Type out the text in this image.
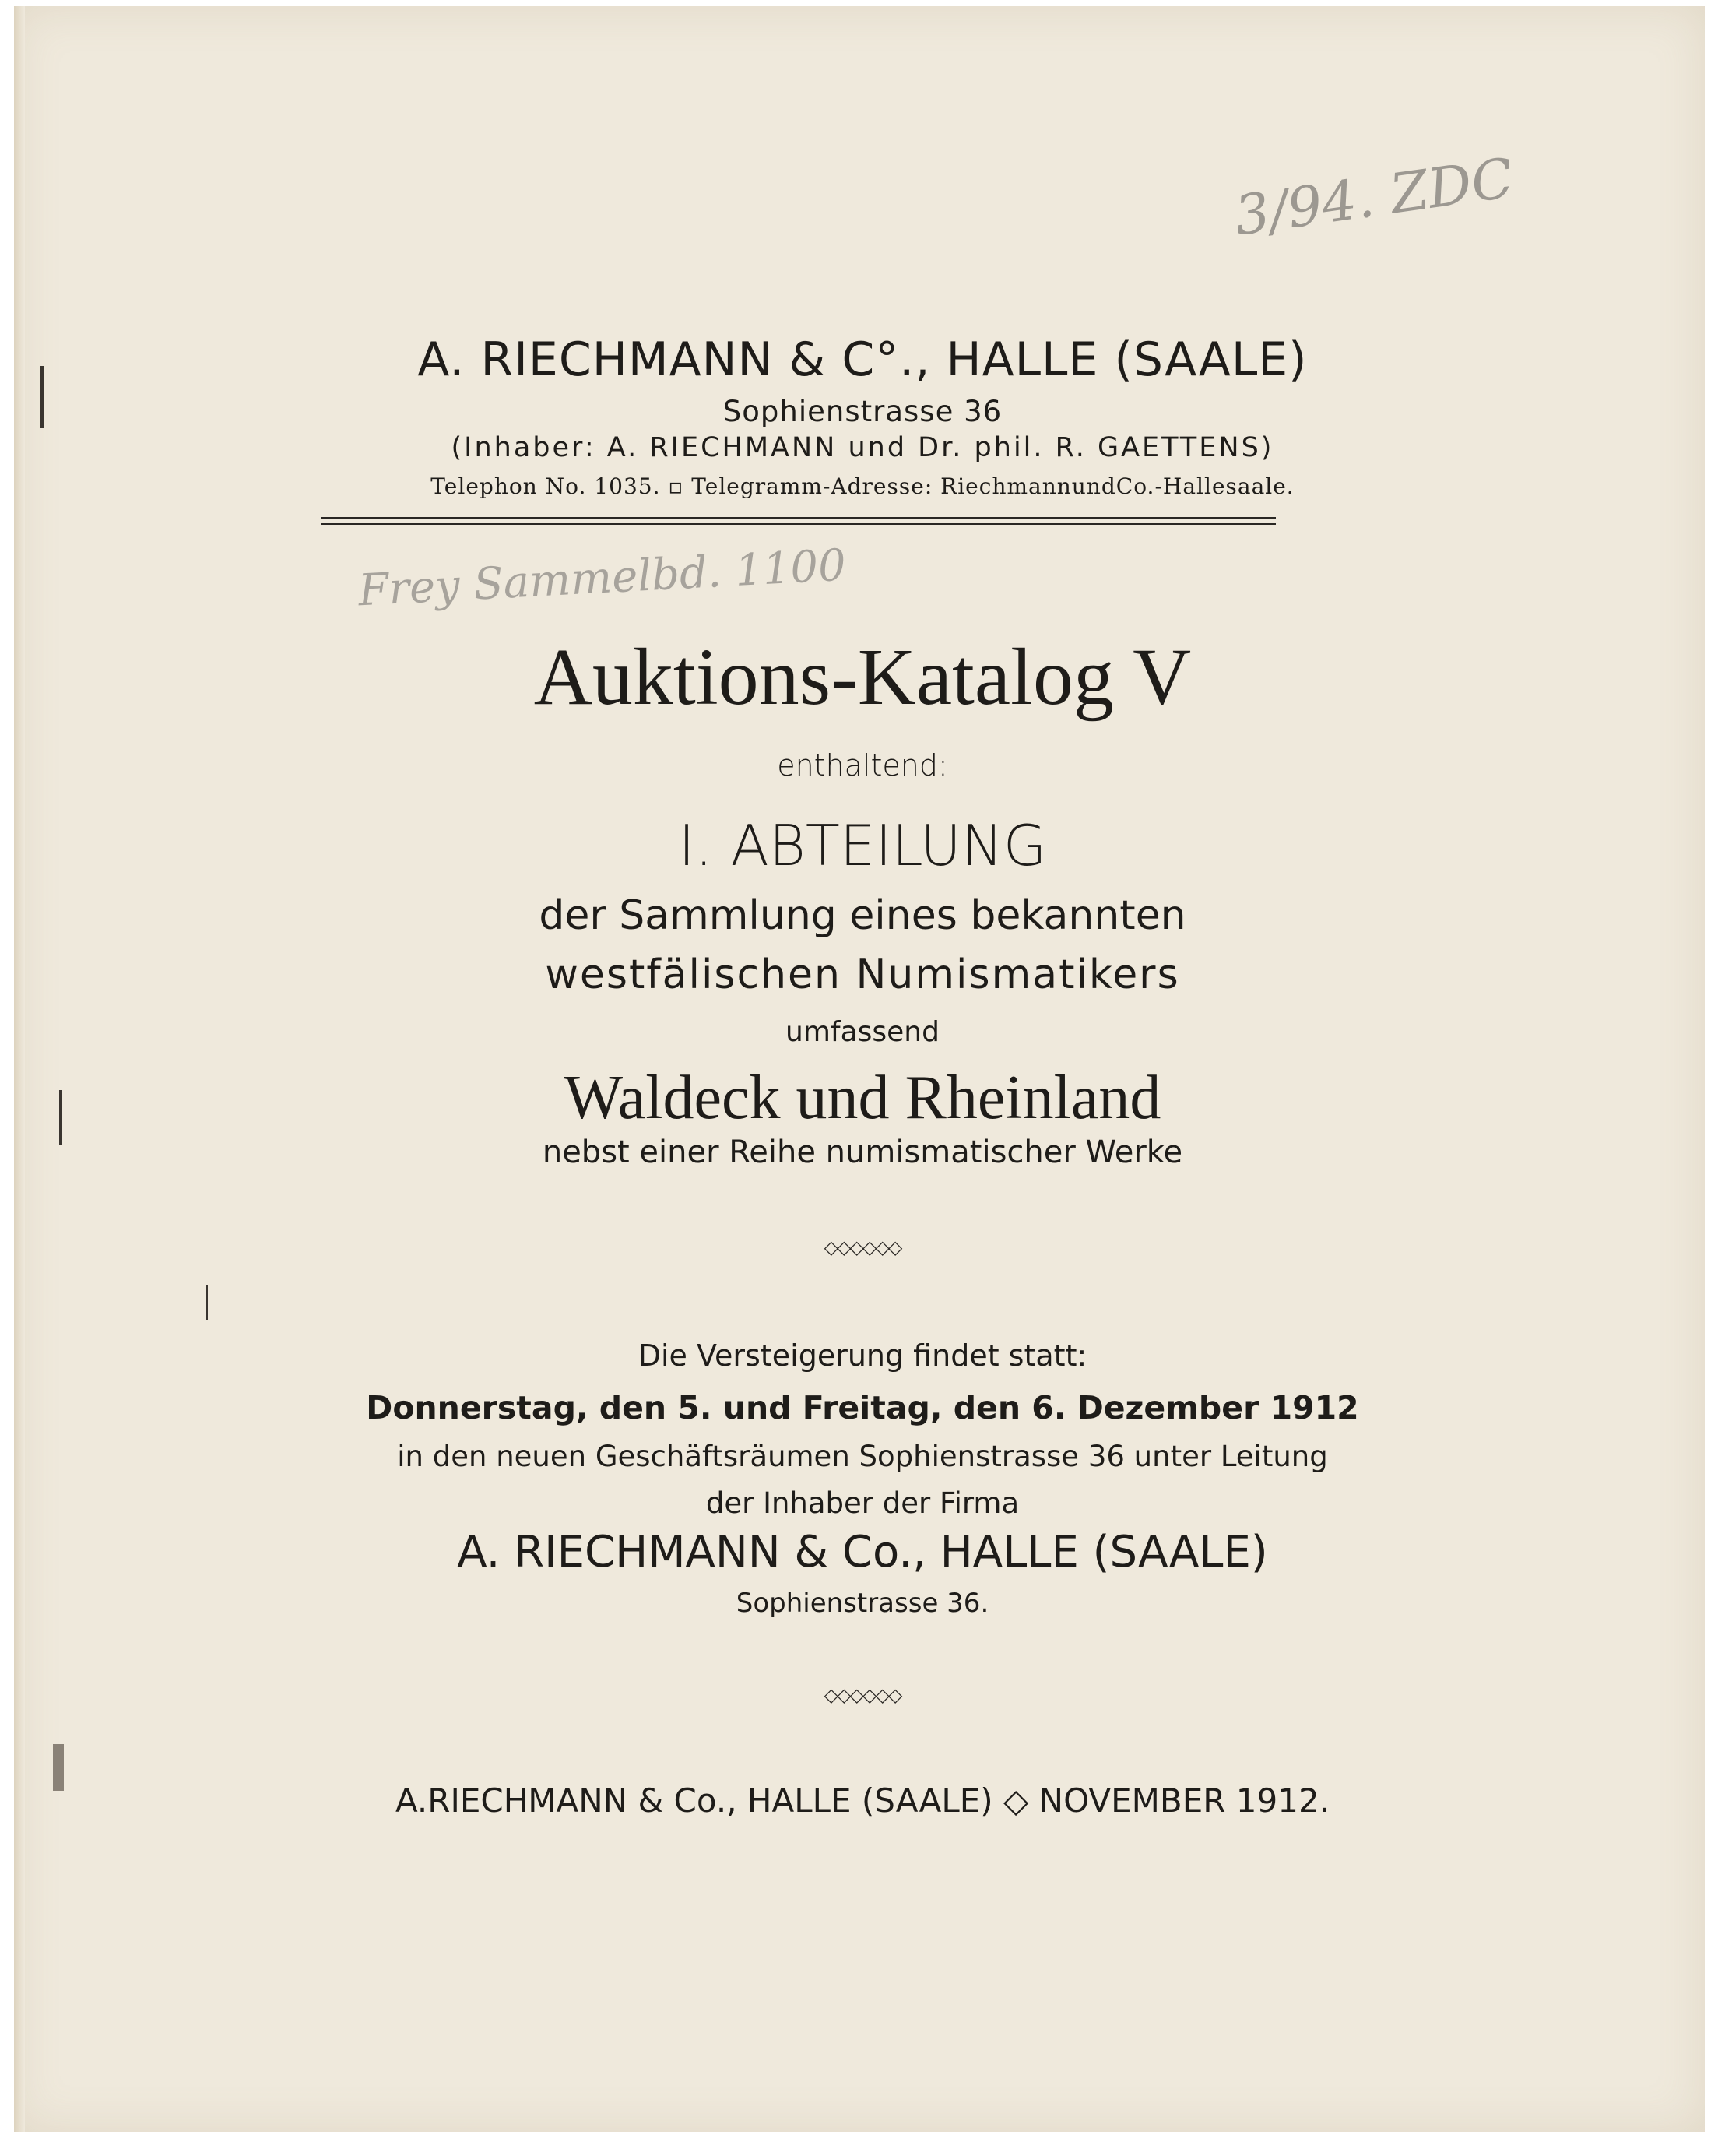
3/94. ZDC
Frey Sammelbd. 1100
A. RIECHMANN & C°., HALLE (SAALE)
Sophienstrasse 36
(Inhaber: A. RIECHMANN und Dr. phil. R. GAETTENS)
Telephon No. 1035. ▫ Telegramm-Adresse: RiechmannundCo.-Hallesaale.
Auktions-Katalog V
enthaltend:
I. ABTEILUNG
der Sammlung eines bekannten
westfälischen Numismatikers
umfassend
Waldeck und Rheinland
nebst einer Reihe numismatischer Werke
◇◇◇◇◇◇
Die Versteigerung findet statt:
Donnerstag, den 5. und Freitag, den 6. Dezember 1912
in den neuen Geschäftsräumen Sophienstrasse 36 unter Leitung
der Inhaber der Firma
A. RIECHMANN & Co., HALLE (SAALE)
Sophienstrasse 36.
◇◇◇◇◇◇
A.RIECHMANN & Co., HALLE (SAALE) ◇ NOVEMBER 1912.
